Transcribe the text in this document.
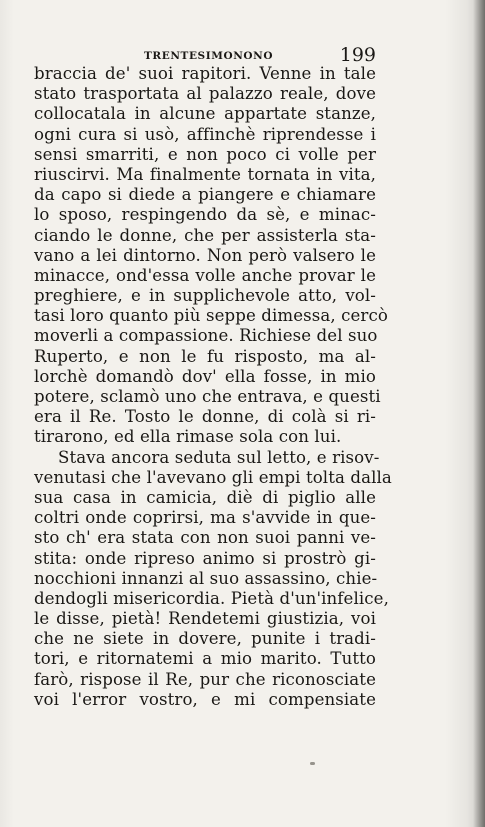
TRENTESIMONONO	199
braccia de' suoi rapitori. Venne in tale
stato trasportata al palazzo reale, dove
collocatala in alcune appartate stanze,
ogni cura si usò, affinchè riprendesse i
sensi smarriti, e non poco ci volle per
riuscirvi. Ma finalmente tornata in vita,
da capo si diede a piangere e chiamare
lo sposo, respingendo da sè, e minac-
ciando le donne, che per assisterla sta-
vano a lei dintorno. Non però valsero le
minacce, ond'essa volle anche provar le
preghiere, e in supplichevole atto, vol-
tasi loro quanto più seppe dimessa, cercò
moverli a compassione. Richiese del suo
Ruperto, e non le fu risposto, ma al-
lorchè domandò dov' ella fosse, in mio
potere, sclamò uno che entrava, e questi
era il Re. Tosto le donne, di colà si ri-
tirarono, ed ella rimase sola con lui.
Stava ancora seduta sul letto, e risov-
venutasi che l'avevano gli empi tolta dalla
sua casa in camicia, diè di piglio alle
coltri onde coprirsi, ma s'avvide in que-
sto ch' era stata con non suoi panni ve-
stita: onde ripreso animo si prostrò gi-
nocchioni innanzi al suo assassino, chie-
dendogli misericordia. Pietà d'un'infelice,
le disse, pietà! Rendetemi giustizia, voi
che ne siete in dovere, punite i tradi-
tori, e ritornatemi a mio marito. Tutto
farò, rispose il Re, pur che riconosciate
voi l'error vostro, e mi compensiate
